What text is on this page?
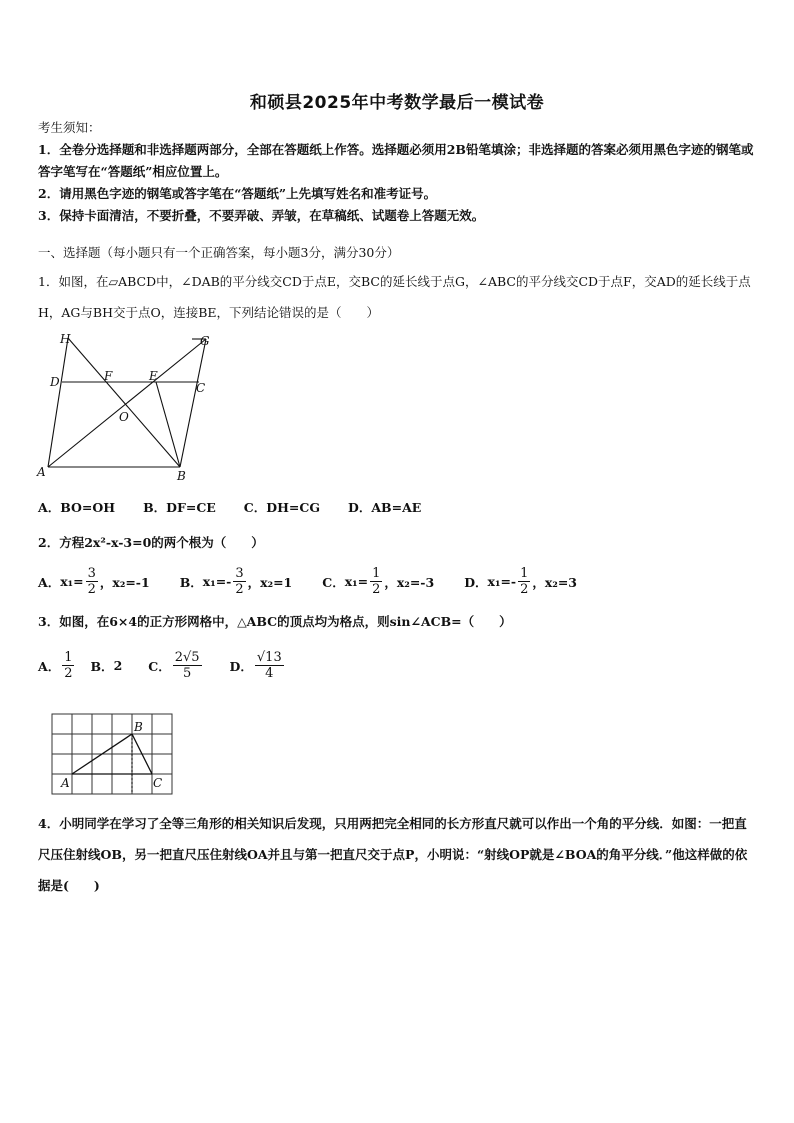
和硕县2025年中考数学最后一模试卷

考生须知：

1．全卷分选择题和非选择题两部分，全部在答题纸上作答。选择题必须用2B铅笔填涂；非选择题的答案必须用黑色字迹的钢笔或答字笔写在“答题纸”相应位置上。

2．请用黑色字迹的钢笔或答字笔在“答题纸”上先填写姓名和准考证号。

3．保持卡面清洁，不要折叠，不要弄破、弄皱，在草稿纸、试题卷上答题无效。

一、选择题（每小题只有一个正确答案，每小题3分，满分30分）

1．如图，在▱ABCD中，∠DAB的平分线交CD于点E，交BC的延长线于点G，∠ABC的平分线交CD于点F，交AD的延长线于点H，AG与BH交于点O，连接BE，下列结论错误的是（　　）

H	G
D	F	E
C
O
A	B
A．BO=OH B．DF=CE C．DH=CG D．AB=AE
2．方程2x²-x-3=0的两个根为（　　）
A． $x_1= \frac{3}{2}$ ，x₂=-1 B． $x_1=- \frac{3}{2}$ ，x₂=1 C． $x_1= \frac{1}{2}$ ，x₂=-3 D． $x_1=- \frac{1}{2}$ ，x₂=3
3．如图，在6×4的正方形网格中，△ABC的顶点均为格点，则sin∠ACB=（　　）
A． $\frac{1}{2}$ B． 2 C． $\frac{2√5}{5}$ D． $\frac{√13}{4}$
A
B
C

4．小明同学在学习了全等三角形的相关知识后发现，只用两把完全相同的长方形直尺就可以作出一个角的平分线．如图：一把直尺压住射线OB，另一把直尺压住射线OA并且与第一把直尺交于点P，小明说：“射线OP就是∠BOA的角平分线．”他这样做的依据是(　　)
